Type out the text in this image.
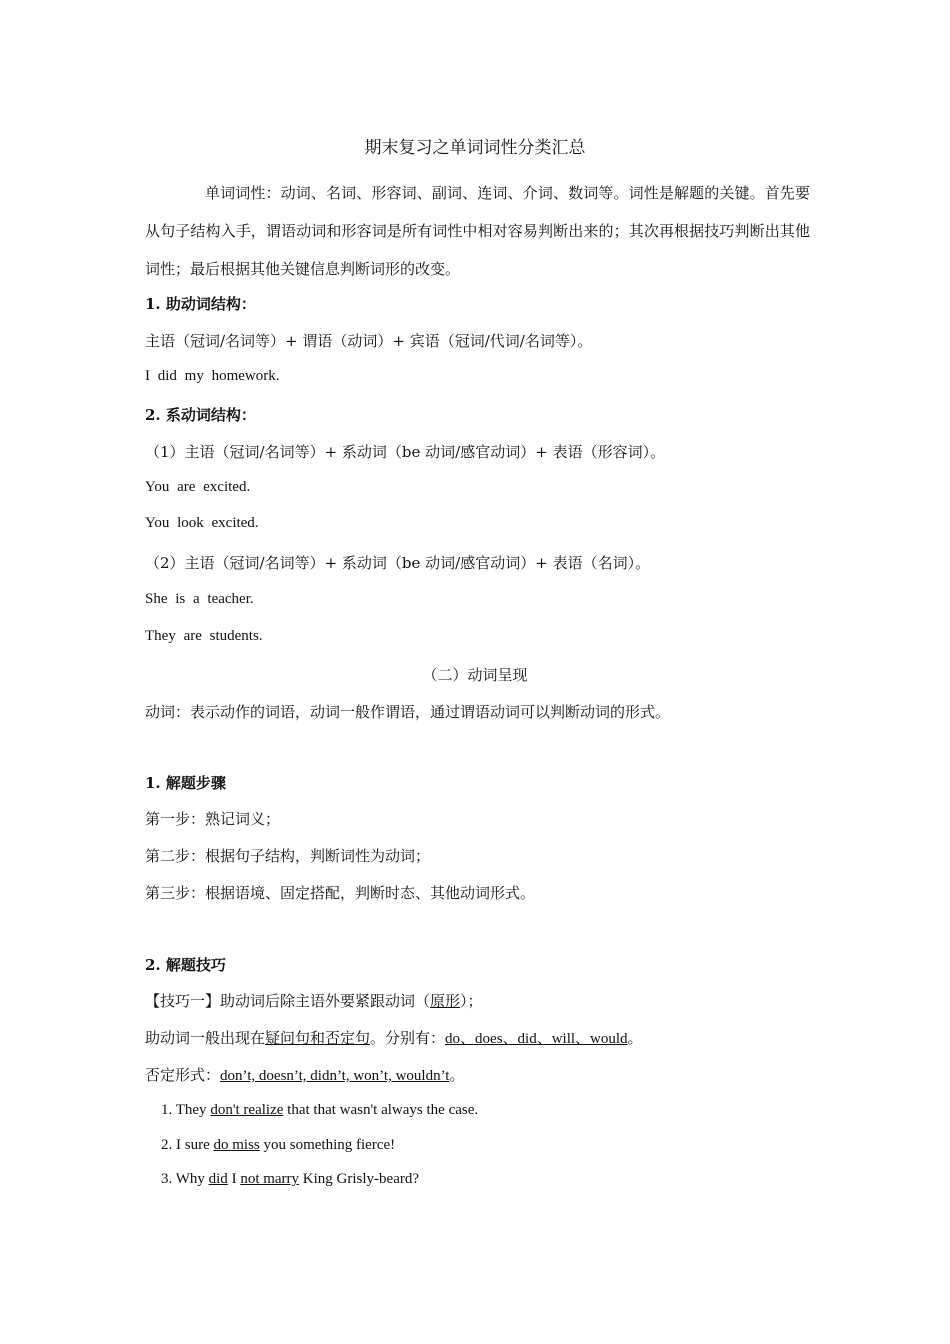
期末复习之单词词性分类汇总
单词词性：动词、名词、形容词、副词、连词、介词、数词等。词性是解题的关键。首先要从句子结构入手，谓语动词和形容词是所有词性中相对容易判断出来的；其次再根据技巧判断出其他词性；最后根据其他关键信息判断词形的改变。
1. 助动词结构：
主语（冠词/名词等）+ 谓语（动词）+ 宾语（冠词/代词/名词等）。
I did my homework.
2. 系动词结构：
（1）主语（冠词/名词等）+ 系动词（be 动词/感官动词）+ 表语（形容词）。
You are excited.
You look excited.
（2）主语（冠词/名词等）+ 系动词（be 动词/感官动词）+ 表语（名词）。
She is a teacher.
They are students.
（二）动词呈现
动词：表示动作的词语，动词一般作谓语，通过谓语动词可以判断动词的形式。
1. 解题步骤
第一步：熟记词义；
第二步：根据句子结构，判断词性为动词；
第三步：根据语境、固定搭配，判断时态、其他动词形式。
2. 解题技巧
【技巧一】助动词后除主语外要紧跟动词（原形）；
助动词一般出现在疑问句和否定句。分别有：do、does、did、will、would。
否定形式：don’t, doesn’t, didn’t, won’t, wouldn’t。
1. They don't realize that that wasn't always the case.
2. I sure do miss you something fierce!
3. Why did I not marry King Grisly-beard?
